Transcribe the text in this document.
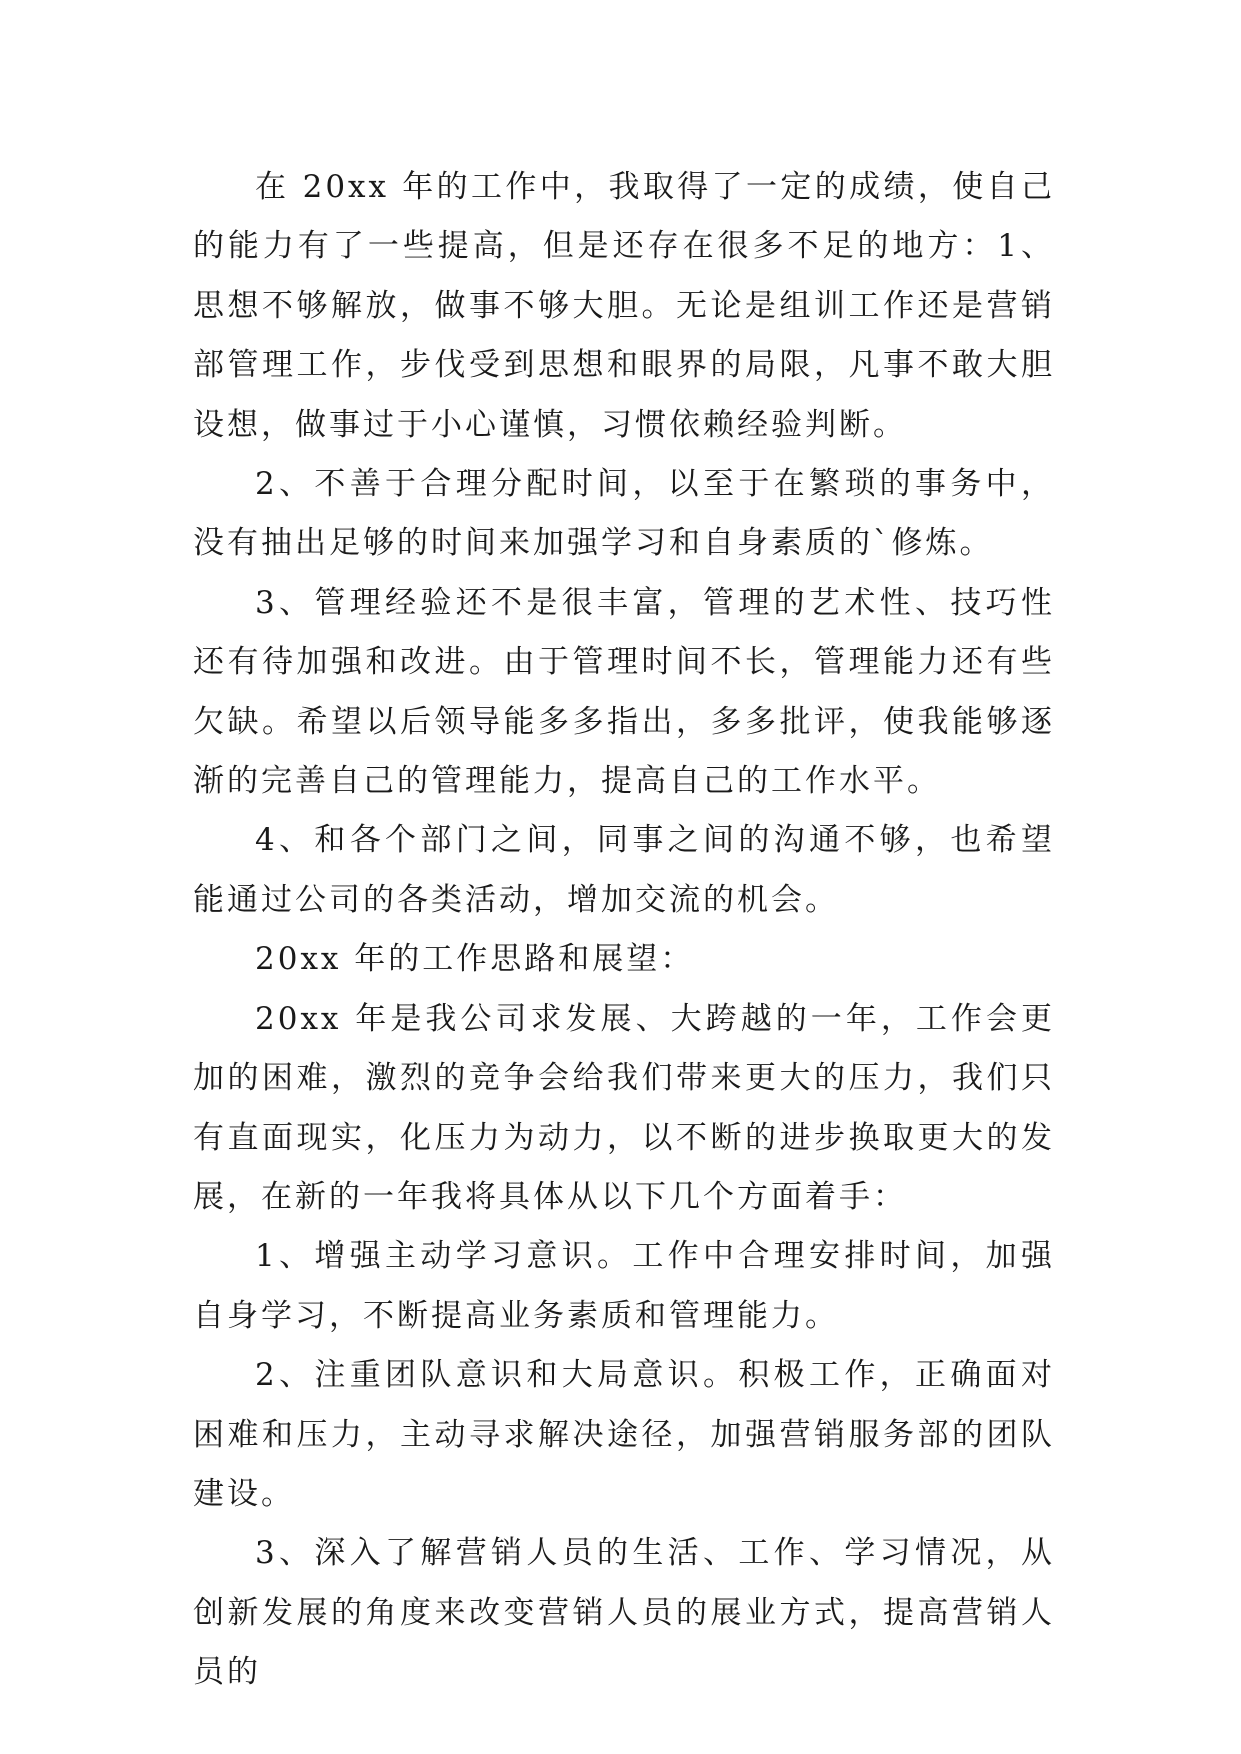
在 20xx 年的工作中，我取得了一定的成绩，使自己的能力有了一些提高，但是还存在很多不足的地方：1、思想不够解放，做事不够大胆。无论是组训工作还是营销部管理工作，步伐受到思想和眼界的局限，凡事不敢大胆设想，做事过于小心谨慎，习惯依赖经验判断。

2、不善于合理分配时间，以至于在繁琐的事务中，没有抽出足够的时间来加强学习和自身素质的`修炼。

3、管理经验还不是很丰富，管理的艺术性、技巧性还有待加强和改进。由于管理时间不长，管理能力还有些欠缺。希望以后领导能多多指出，多多批评，使我能够逐渐的完善自己的管理能力，提高自己的工作水平。

4、和各个部门之间，同事之间的沟通不够，也希望能通过公司的各类活动，增加交流的机会。

20xx 年的工作思路和展望：

20xx 年是我公司求发展、大跨越的一年，工作会更加的困难，激烈的竞争会给我们带来更大的压力，我们只有直面现实，化压力为动力，以不断的进步换取更大的发展，在新的一年我将具体从以下几个方面着手：

1、增强主动学习意识。工作中合理安排时间，加强自身学习，不断提高业务素质和管理能力。

2、注重团队意识和大局意识。积极工作，正确面对困难和压力，主动寻求解决途径，加强营销服务部的团队建设。

3、深入了解营销人员的生活、工作、学习情况，从创新发展的角度来改变营销人员的展业方式，提高营销人员的
